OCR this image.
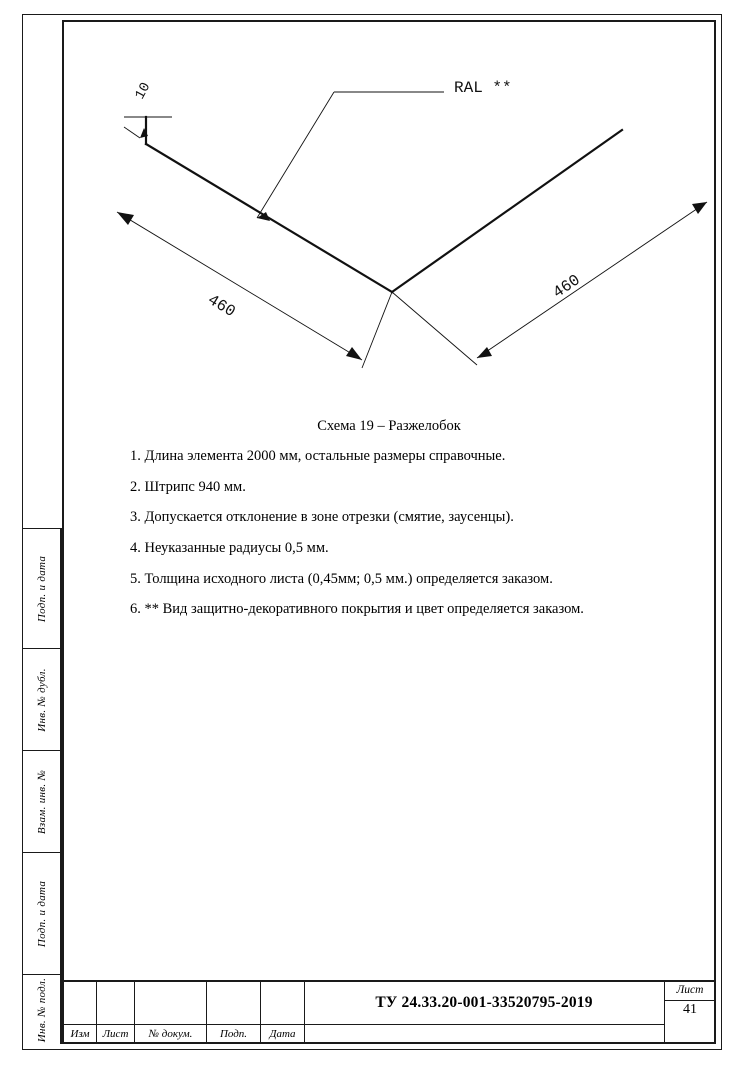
Подп. и дата
Инв. № дубл.
Взам. инв. №
Подп. и дата
Инв. № подл.
RAL **
10
460
460
Схема 19 – Разжелобок
1. Длина элемента 2000 мм, остальные размеры справочные.
2. Штрипс 940 мм.
3. Допускается отклонение в зоне отрезки (смятие, заусенцы).
4. Неуказанные радиусы 0,5 мм.
5. Толщина исходного листа (0,45мм; 0,5 мм.) определяется заказом.
6. ** Вид защитно-декоративного покрытия и цвет определяется заказом.
Изм	Лист	№ докум.	Подп.	Дата
ТУ 24.33.20-001-33520795-2019
Лист
41
